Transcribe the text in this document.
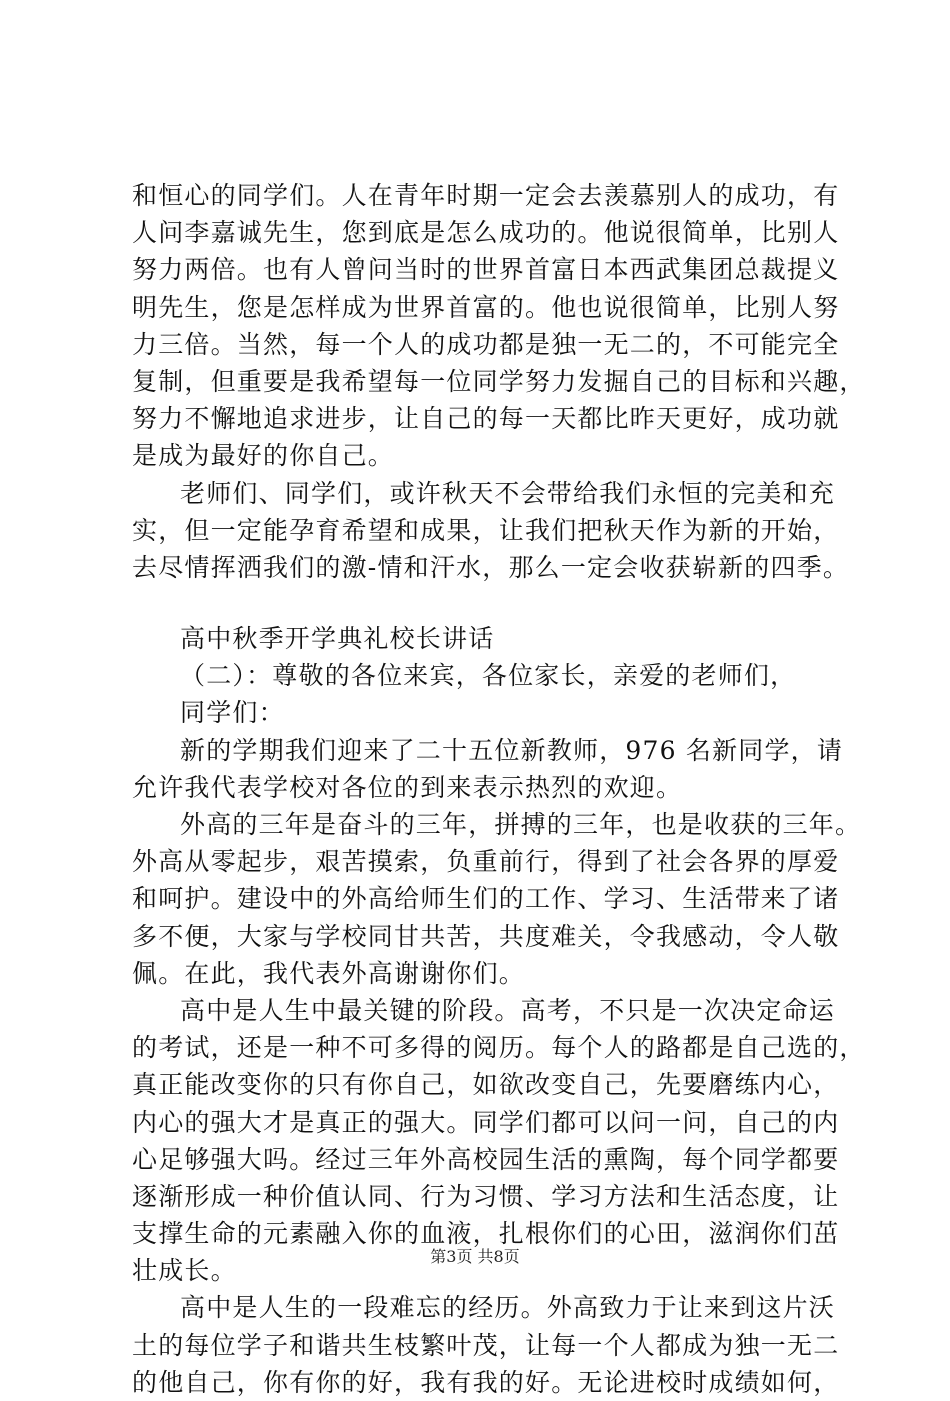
和恒心的同学们。人在青年时期一定会去羡慕别人的成功，有
人问李嘉诚先生，您到底是怎么成功的。他说很简单，比别人
努力两倍。也有人曾问当时的世界首富日本西武集团总裁提义
明先生，您是怎样成为世界首富的。他也说很简单，比别人努
力三倍。当然，每一个人的成功都是独一无二的，不可能完全
复制，但重要是我希望每一位同学努力发掘自己的目标和兴趣，
努力不懈地追求进步，让自己的每一天都比昨天更好，成功就
是成为最好的你自己。
老师们、同学们，或许秋天不会带给我们永恒的完美和充
实，但一定能孕育希望和成果，让我们把秋天作为新的开始，
去尽情挥洒我们的激-情和汗水，那么一定会收获崭新的四季。
高中秋季开学典礼校长讲话
（二）：尊敬的各位来宾，各位家长，亲爱的老师们，
同学们：
新的学期我们迎来了二十五位新教师，976 名新同学，请
允许我代表学校对各位的到来表示热烈的欢迎。
外高的三年是奋斗的三年，拼搏的三年，也是收获的三年。
外高从零起步，艰苦摸索，负重前行，得到了社会各界的厚爱
和呵护。建设中的外高给师生们的工作、学习、生活带来了诸
多不便，大家与学校同甘共苦，共度难关，令我感动，令人敬
佩。在此，我代表外高谢谢你们。
高中是人生中最关键的阶段。高考，不只是一次决定命运
的考试，还是一种不可多得的阅历。每个人的路都是自己选的，
真正能改变你的只有你自己，如欲改变自己，先要磨练内心，
内心的强大才是真正的强大。同学们都可以问一问，自己的内
心足够强大吗。经过三年外高校园生活的熏陶，每个同学都要
逐渐形成一种价值认同、行为习惯、学习方法和生活态度，让
支撑生命的元素融入你的血液，扎根你们的心田，滋润你们茁
壮成长。
高中是人生的一段难忘的经历。外高致力于让来到这片沃
土的每位学子和谐共生枝繁叶茂，让每一个人都成为独一无二
的他自己，你有你的好，我有我的好。无论进校时成绩如何，
第3页 共8页
